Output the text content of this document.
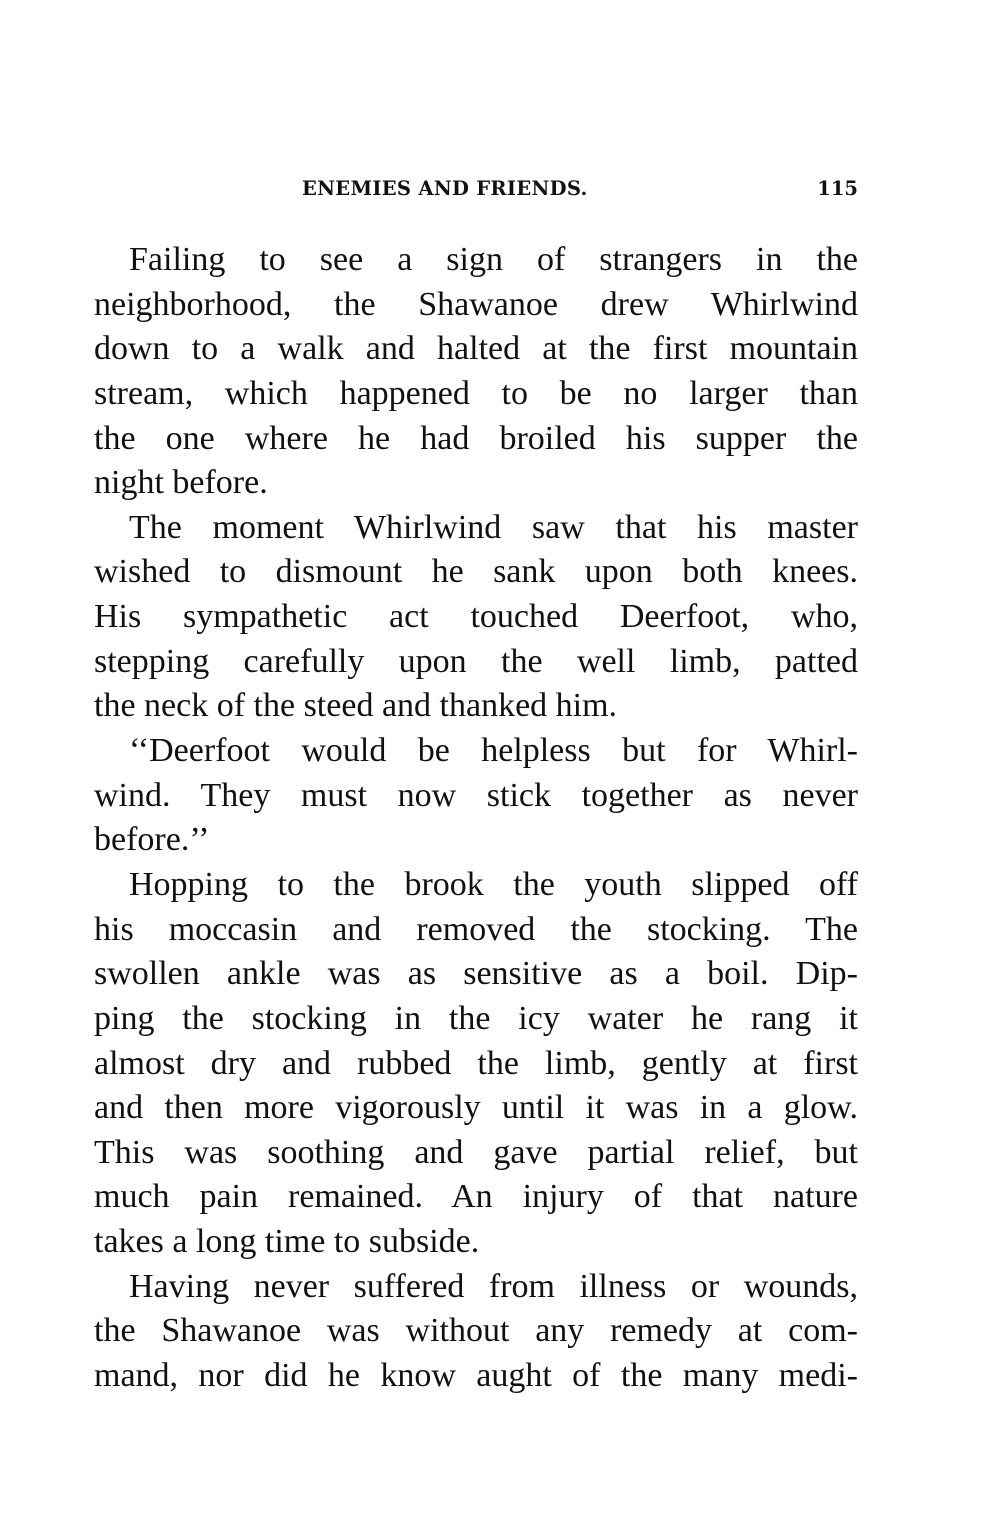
ENEMIES AND FRIENDS.	115
Failing to see a sign of strangers in the
neighborhood, the Shawanoe drew Whirlwind
down to a walk and halted at the first mountain
stream, which happened to be no larger than
the one where he had broiled his supper the
night before.
The moment Whirlwind saw that his master
wished to dismount he sank upon both knees.
His sympathetic act touched Deerfoot, who,
stepping carefully upon the well limb, patted
the neck of the steed and thanked him.
‘‘Deerfoot would be helpless but for Whirl-
wind. They must now stick together as never
before.’’
Hopping to the brook the youth slipped off
his moccasin and removed the stocking. The
swollen ankle was as sensitive as a boil. Dip-
ping the stocking in the icy water he rang it
almost dry and rubbed the limb, gently at first
and then more vigorously until it was in a glow.
This was soothing and gave partial relief, but
much pain remained. An injury of that nature
takes a long time to subside.
Having never suffered from illness or wounds,
the Shawanoe was without any remedy at com-
mand, nor did he know aught of the many medi-
